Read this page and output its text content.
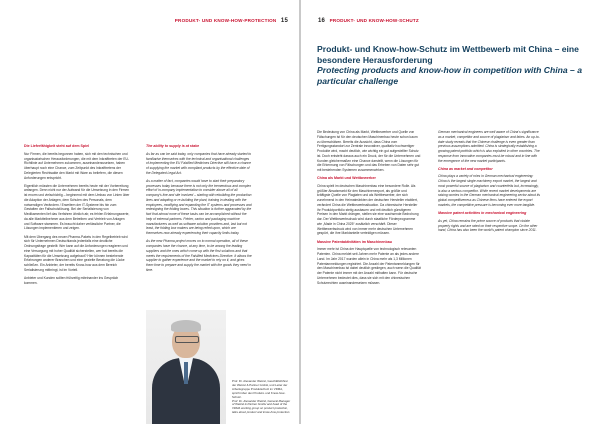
PRODUKT- UND KNOW-HOW-PROTECTION 15

Die Lieferfähigkeit steht auf dem Spiel

Nur Firmen, die bereits begonnen haben, sich mit den technischen und organisatorischen Herausforderungen, die mit dem Inkrafttreten der EU-Richtlinie auf Unternehmen zukommen, auseinanderzusetzen, haben überhaupt noch eine Chance, zum Zeitpunkt des Inkrafttretens der Delegierten Rechtsakte den Markt mit Ware zu beliefern, die diesen Anforderungen entspricht.

Eigentlich müssten die Unternehmen bereits heute mit der Vorbereitung anfangen. Denn nicht nur der Aufwand für die Umsetzung in den Firmen ist enorm und vielschichtig – beginnend mit dem Umbau von Linien über die Adaption der Anlagen, dem Schulen des Personals, dem notwendigen Verändern / Erweitern der IT-Systeme bis hin zum Gestalten der Fallschutzlösung. Bei der Serialisierung von Medikamenten lief das Verfahren ähnlich ab; es fehlen Erfahrungswerte, da alle Marktteilnehmer aus dem Betreiben und Vertrieb von Anlagen und Software stammen. Es braucht daher verlässliche Partner, die Lösungen implementieren und zeigen.

Mit dem Übergang des neuen Pharma-Pakets in den Regelbetrieb wird sich für Unternehmen Deutschlands jedenfalls eine deutliche Ordnungsfrage gestellt: Wer kann auf die Anforderungen reagieren und eine Versorgung mit hoher Qualität sicherstellen, wer hat bereits die Kapazitäten für die Umsetzung aufgebaut? Hier können bestehende Erfahrungen anderer Branchen und eine gezielte Beratung die Lücke schließen. Ein Anbieter, der bereits Know-how aus dem Bereich Serialisierung mitbringt, ist im Vorteil.

Anbieter und Kunden sollten frühzeitig miteinander ins Gespräch kommen.

The ability to supply is at stake

As far as can be said today, only companies that have already started to familiarise themselves with the technical and organisational challenges of implementing the EU Falsified Medicines Directive still have a chance of supplying the market with compliant products by the effective date of the Delegated Legal Act.

As a matter of fact, companies would have to start their preparatory processes today because there is not only the tremendous and complex effort of in-company implementation to consider above all of all company’s line and site involved – starting with rebuilding the production lines and adapting or re-building the plant, training in dealing with the employees, modifying and expanding the IT systems and processes and redesigning the folding boxes. This situation is further aggravated by the fact that almost none of these tasks can be accomplished without the help of external partners. Printer, carton and packaging machine manufacturers as well as software solution providers and, last but not least, the folding box makers are being relied upon, which are themselves now already experiencing their capacity limits today.

As the new Pharma project moves on to normal operation, all of these companies have the chance, at any time, to be among the leading suppliers and the ones which come up with the first solutions and that meets the requirements of the Falsified Medicines Directive. It allows the supplier to gather experience and the market to rely on it, and gives them time to prepare and supply the market with the goods they need in time.

Prof. Dr. Alexander Wetzel, Geschäftsführer der Wetzel & Partner GmbH, und Leiter der Arbeitsgruppe Produktschutz im VDMA, spricht über den Produkt- und Know-how-Schutz.
Prof. Dr. Alexander Wetzel, General Manager of Wetzel & Partner GmbH and head of the VDMA working group on product protection, talks about product and know-how protection.
16 PRODUKT- UND KNOW-HOW-SCHUTZ

Produkt- und Know-how-Schutz im Wettbewerb mit China – eine besondere Herausforderung

Protecting products and know-how in competition with China – a particular challenge

Die Bedeutung von China als Markt, Wettbewerber und Quelle von Fälschungen ist für den deutschen Maschinenbau heute schon kaum zu überschätzen. Bereits die Aussicht, dass China vom Fertigungsstandort zur Zentrale innovativer, qualitativ hochwertiger Produkte wird, macht deutlich, wie wichtig ein gut aufgestellter Schutz ist. Doch entsteht daraus auch ein Druck, der für die Unternehmen und Kunden gleichermaßen eine Chance darstellt, wenn die Lösungen für die Erkennung von Fälschungen und das Erheben von Daten sehr gut mit bestehenden Systemen zusammenwirken.

China als Markt und Wettbewerber

China spielt im deutschen Maschinenbau eine besondere Rolle. Als größter Absatzmarkt für den Maschinenexport, als größte und kräftigste Quelle von Plagiaten und als Wettbewerber, der sich zunehmend in den Heimatmärkten der deutschen Hersteller etabliert, verändert China die Wettbewerbssituation. Da chinesische Hersteller ihr Produktportfolio stetig ausbauen und mit deutlich günstigeren Preisen in den Markt drängen, stellen sie eine wachsende Bedrohung dar. Der Wettbewerbsdruck wird durch staatliche Förderprogramme wie „Made in China 2025“ zusätzlich verschärft. Dieser Wettbewerbsdruck wird von immer mehr deutschen Unternehmen gespürt, die ihre Marktanteile verteidigen müssen.

Massive Patentaktivitäten im Maschinenbau

Immer mehr ist China der Hauptquelle von technologisch relevanten Patenten. China meldet seit Jahren mehr Patente an als jedes andere Land. Im Jahr 2017 wurden allein in China mehr als 1,3 Millionen Patentanmeldungen registriert. Die Anzahl der Patentanmeldungen für den Maschinenbau ist dabei deutlich gestiegen, auch wenn die Qualität der Patente nicht immer mit der Anzahl mithalten kann. Für deutsche Unternehmen bedeutet dies, dass sie sich mit den chinesischen Schutzrechten auseinandersetzen müssen.

German mechanical engineers are well aware of China’s significance as a market, competitor and source of plagiarism and fakes. An up-to-date study reveals that the Chinese challenge is even greater than previous assumptions admitted. China is strategically establishing a growing patent portfolio which is also exploited in other countries. The response from innovative companies must be robust and in line with the emergence of the new market participants.

China as market and competitor

China plays a variety of roles in German mechanical engineering: China is the largest single machinery export market, the largest and most powerful source of plagiarism and counterfeits but, increasingly, is also a serious competitor. While recent market developments are raising worries in the German mechanical engineering sector about its global competitiveness as Chinese firms have entered the export markets, the competitive pressure is becoming ever more tangible.

Massive patent activities in mechanical engineering

As yet, China remains the prime source of products that violate property rights and are rated on their respective scope. On the other hand, China has also been the world’s patent champion since 2011.
